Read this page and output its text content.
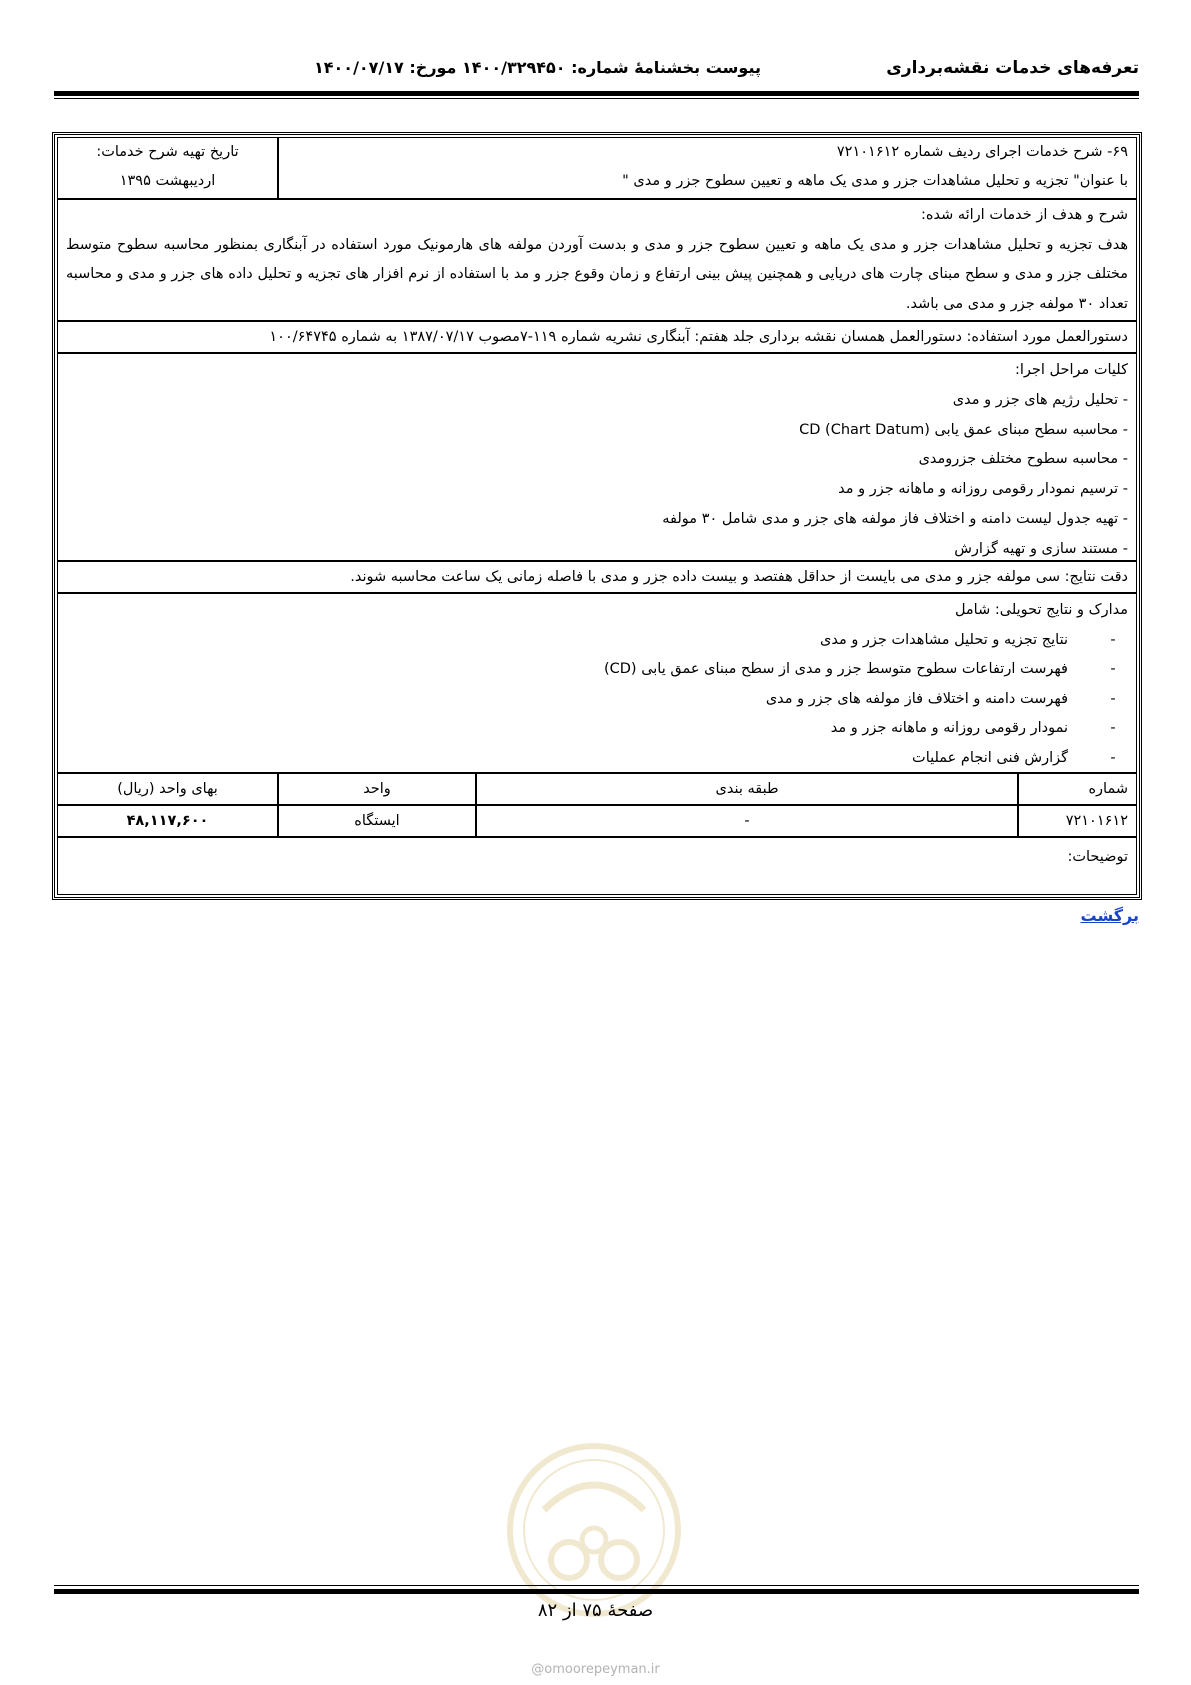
تعرفه‌های خدمات نقشه‌برداری
پیوست بخشنامهٔ شماره: ۱۴۰۰/۳۲۹۴۵۰ مورخ: ۱۴۰۰/۰۷/۱۷
۶۹- شرح خدمات اجرای ردیف شماره ۷۲۱۰۱۶۱۲
با عنوان" تجزیه و تحلیل مشاهدات جزر و مدی یک ماهه و تعیین سطوح جزر و مدی "
تاریخ تهیه شرح خدمات:
اردیبهشت ۱۳۹۵
شرح و هدف از خدمات ارائه شده:
هدف تجزیه و تحلیل مشاهدات جزر و مدی یک ماهه و تعیین سطوح جزر و مدی و بدست آوردن مولفه های هارمونیک مورد استفاده در آبنگاری بمنظور محاسبه سطوح متوسط مختلف جزر و مدی و سطح مبنای چارت های دریایی و همچنین پیش بینی ارتفاع و زمان وقوع جزر و مد با استفاده از نرم افزار های تجزیه و تحلیل داده های جزر و مدی و محاسبه تعداد ۳۰ مولفه جزر و مدی می باشد.
دستورالعمل مورد استفاده: دستورالعمل همسان نقشه برداری جلد هفتم: آبنگاری نشریه شماره ۱۱۹-۷مصوب ۱۳۸۷/۰۷/۱۷ به شماره ۱۰۰/۶۴۷۴۵
کلیات مراحل اجرا:
- تحلیل رژیم های جزر و مدی
- محاسبه سطح مبنای عمق یابی (CD (Chart Datum
- محاسبه سطوح مختلف جزرومدی
- ترسیم نمودار رقومی روزانه و ماهانه جزر و مد
- تهیه جدول لیست دامنه و اختلاف فاز مولفه های جزر و مدی شامل ۳۰ مولفه
- مستند سازی و تهیه گزارش
دقت نتایج: سی مولفه جزر و مدی می بایست از حداقل هفتصد و بیست داده جزر و مدی با فاصله زمانی یک ساعت محاسبه شوند.
مدارک و نتایج تحویلی: شامل
-نتایج تجزیه و تحلیل مشاهدات جزر و مدی
-فهرست ارتفاعات سطوح متوسط جزر و مدی از سطح مبنای عمق یابی (CD)
-فهرست دامنه و اختلاف فاز مولفه های جزر و مدی
-نمودار رقومی روزانه و ماهانه جزر و مد
-گزارش فنی انجام عملیات
شماره
طبقه بندی
واحد
بهای واحد (ریال)
۷۲۱۰۱۶۱۲
-
ایستگاه
۴۸,۱۱۷,۶۰۰
توضیحات:
برگشت
صفحهٔ ۷۵ از ۸۲
@omoorepeyman.ir
